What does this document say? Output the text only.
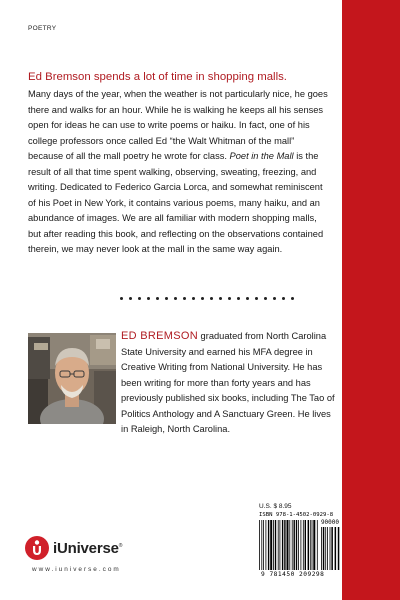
POETRY
Ed Bremson spends a lot of time in shopping malls.

Many days of the year, when the weather is not particularly nice, he goes there and walks for an hour. While he is walking he keeps all his senses open for ideas he can use to write poems or haiku. In fact, one of his college professors once called Ed “the Walt Whitman of the mall” because of all the mall poetry he wrote for class. Poet in the Mall is the result of all that time spent walking, observing, sweating, freezing, and writing. Dedicated to Federico Garcia Lorca, and somewhat reminiscent of his Poet in New York, it contains various poems, many haiku, and an abundance of images. We are all familiar with modern shopping malls, but after reading this book, and reflecting on the observations contained therein, we may never look at the mall in the same way again.

ED BREMSON graduated from North Carolina State University and earned his MFA degree in Creative Writing from National University. He has been writing for more than forty years and has previously published six books, including The Tao of Politics Anthology and A Sanctuary Green. He lives in Raleigh, North Carolina.

U.S. $ 8.95
ISBN 978-1-4502-0929-8
90000
9 781450 209298
iUniverse®
www.iuniverse.com
